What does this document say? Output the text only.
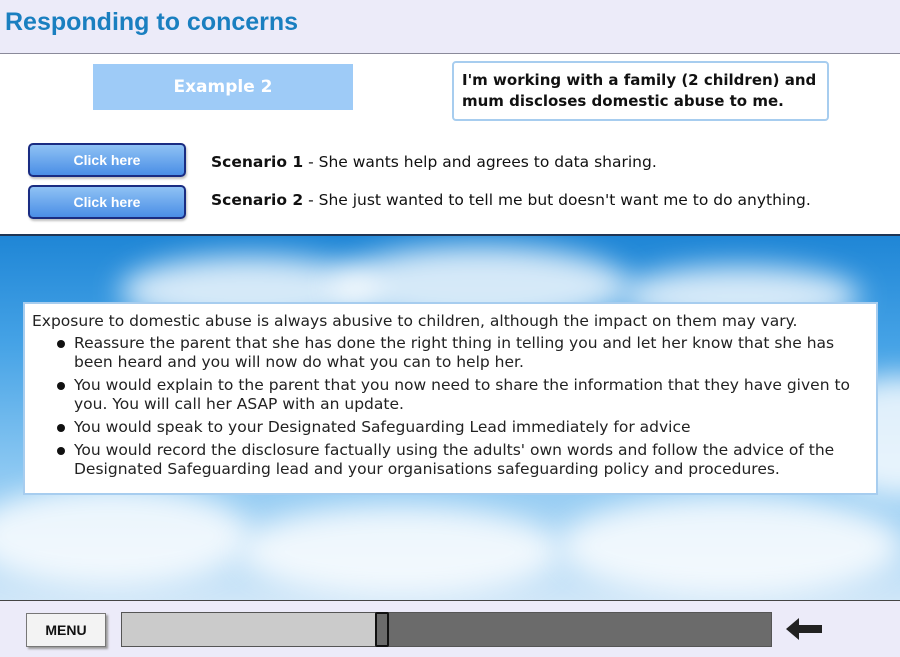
Responding to concerns
Example 2	I'm working with a family (2 children) and mum discloses domestic abuse to me.
Click here	Scenario 1 - She wants help and agrees to data sharing.
Click here	Scenario 2 - She just wanted to tell me but doesn't want me to do anything.

Exposure to domestic abuse is always abusive to children, although the impact on them may vary.

Reassure the parent that she has done the right thing in telling you and let her know that she has been heard and you will now do what you can to help her.
You would explain to the parent that you now need to share the information that they have given to you. You will call her ASAP with an update.
You would speak to your Designated Safeguarding Lead immediately for advice
You would record the disclosure factually using the adults' own words and follow the advice of the Designated Safeguarding lead and your organisations safeguarding policy and procedures.
MENU
